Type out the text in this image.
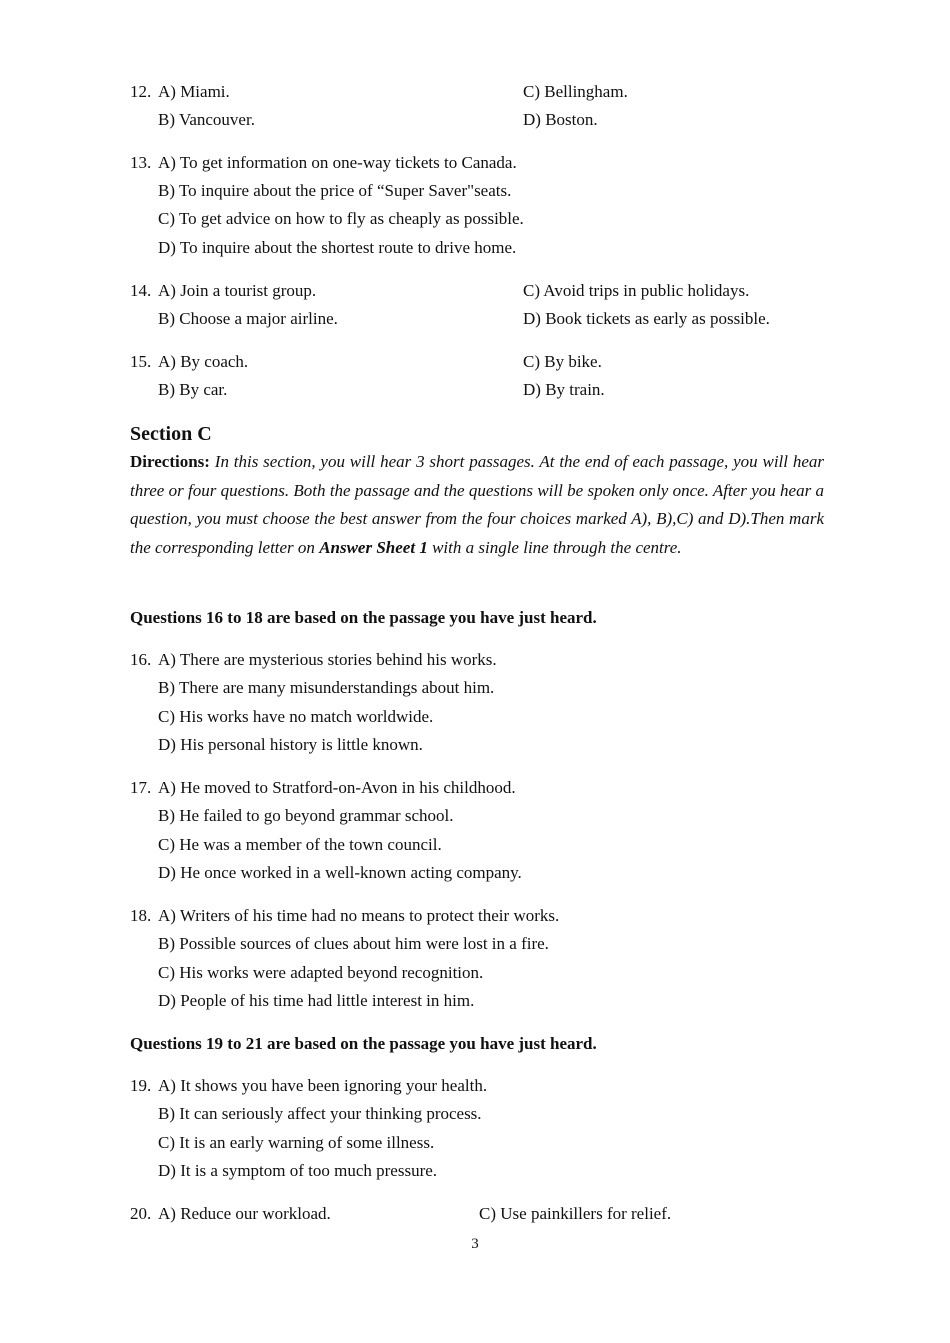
12. A) Miami.	C) Bellingham.
B) Vancouver.	D) Boston.
13. A) To get information on one-way tickets to Canada.
B) To inquire about the price of “Super Saver"seats.
C) To get advice on how to fly as cheaply as possible.
D) To inquire about the shortest route to drive home.
14. A) Join a tourist group.	C) Avoid trips in public holidays.
B) Choose a major airline.	D) Book tickets as early as possible.
15. A) By coach.	C) By bike.
B) By car.	D) By train.
Section C
Directions: In this section, you will hear 3 short passages. At the end of each passage, you will hear three or four questions. Both the passage and the questions will be spoken only once. After you hear a question, you must choose the best answer from the four choices marked A), B),C) and D).Then mark the corresponding letter on Answer Sheet 1 with a single line through the centre.
Questions 16 to 18 are based on the passage you have just heard.
16. A) There are mysterious stories behind his works.
B) There are many misunderstandings about him.
C) His works have no match worldwide.
D) His personal history is little known.
17. A) He moved to Stratford-on-Avon in his childhood.
B) He failed to go beyond grammar school.
C) He was a member of the town council.
D) He once worked in a well-known acting company.
18. A) Writers of his time had no means to protect their works.
B) Possible sources of clues about him were lost in a fire.
C) His works were adapted beyond recognition.
D) People of his time had little interest in him.
Questions 19 to 21 are based on the passage you have just heard.
19. A) It shows you have been ignoring your health.
B) It can seriously affect your thinking process.
C) It is an early warning of some illness.
D) It is a symptom of too much pressure.
20. A) Reduce our workload.	C) Use painkillers for relief.
3
